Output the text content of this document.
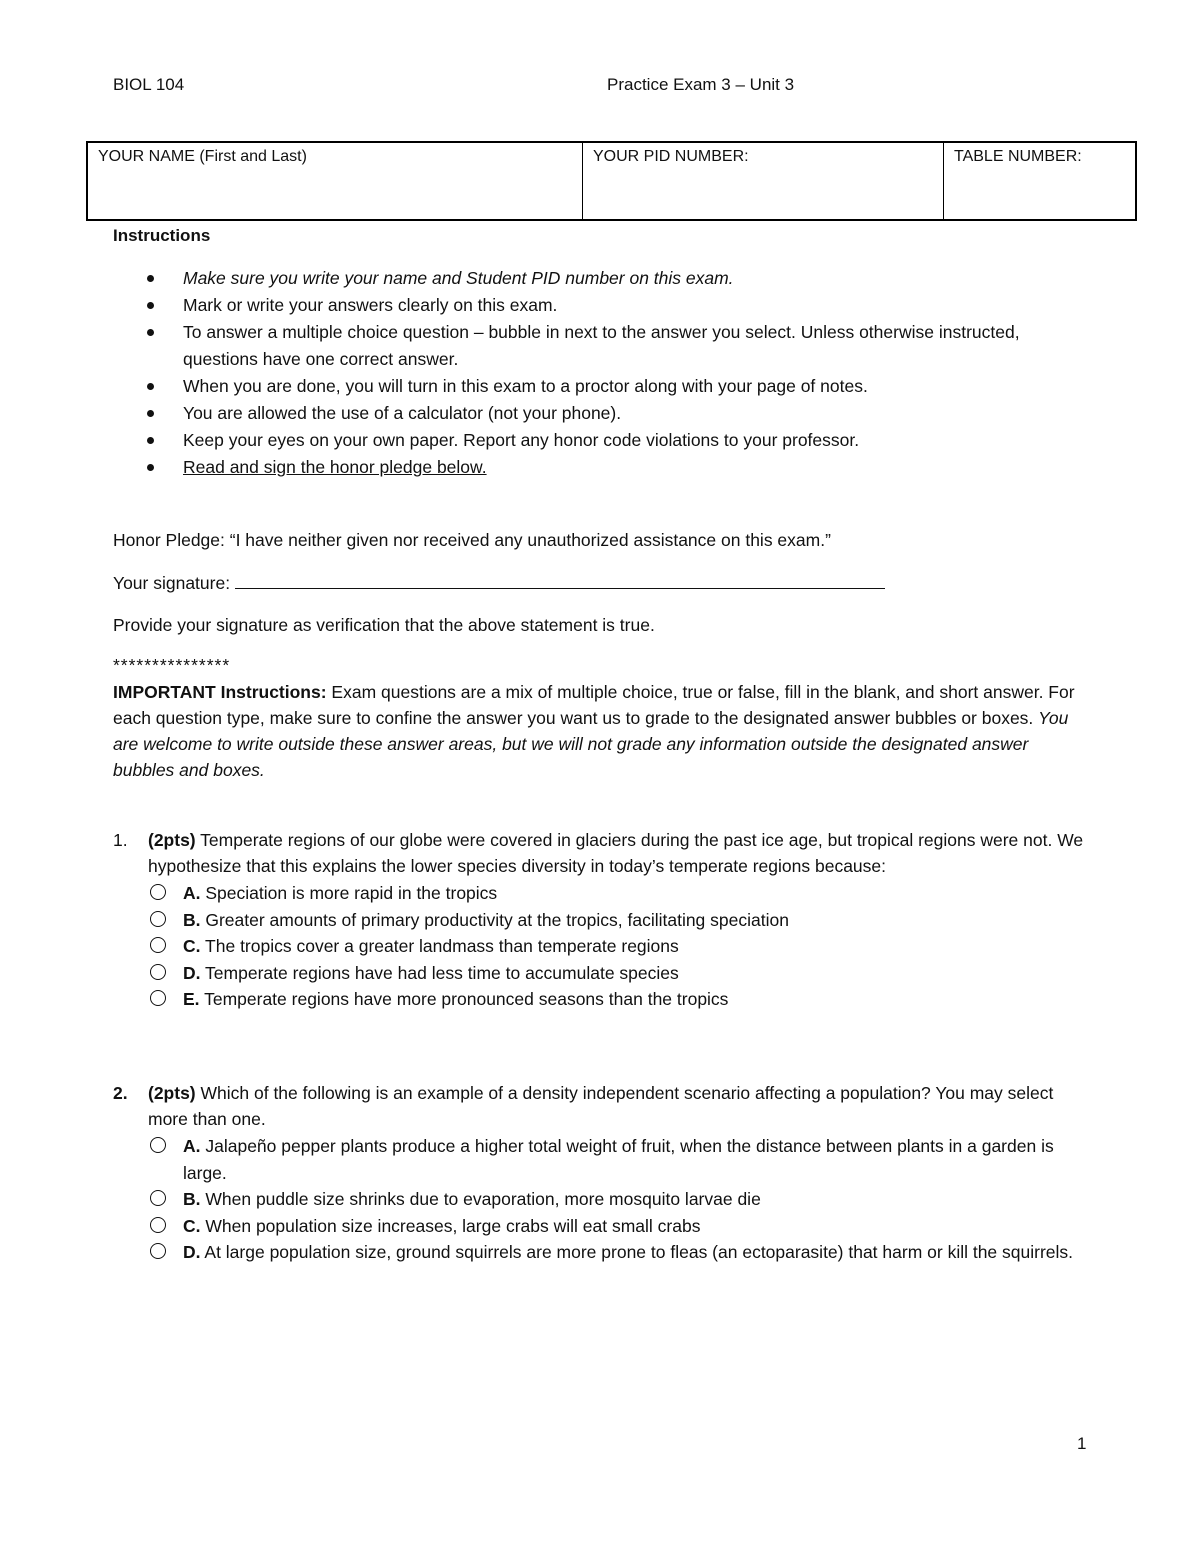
BIOL 104	Practice Exam 3 – Unit 3
YOUR NAME (First and Last)	YOUR PID NUMBER:	TABLE NUMBER:
Instructions
Make sure you write your name and Student PID number on this exam.
Mark or write your answers clearly on this exam.
To answer a multiple choice question – bubble in next to the answer you select. Unless otherwise instructed, questions have one correct answer.
When you are done, you will turn in this exam to a proctor along with your page of notes.
You are allowed the use of a calculator (not your phone).
Keep your eyes on your own paper. Report any honor code violations to your professor.
Read and sign the honor pledge below.
Honor Pledge: “I have neither given nor received any unauthorized assistance on this exam.”
Your signature:
Provide your signature as verification that the above statement is true.
***************
IMPORTANT Instructions: Exam questions are a mix of multiple choice, true or false, fill in the blank, and short answer. For each question type, make sure to confine the answer you want us to grade to the designated answer bubbles or boxes. You are welcome to write outside these answer areas, but we will not grade any information outside the designated answer bubbles and boxes.
1. (2pts) Temperate regions of our globe were covered in glaciers during the past ice age, but tropical regions were not. We hypothesize that this explains the lower species diversity in today’s temperate regions because:
A. Speciation is more rapid in the tropics
B. Greater amounts of primary productivity at the tropics, facilitating speciation
C. The tropics cover a greater landmass than temperate regions
D. Temperate regions have had less time to accumulate species
E. Temperate regions have more pronounced seasons than the tropics
2. (2pts) Which of the following is an example of a density independent scenario affecting a population? You may select more than one.
A. Jalapeño pepper plants produce a higher total weight of fruit, when the distance between plants in a garden is large.
B. When puddle size shrinks due to evaporation, more mosquito larvae die
C. When population size increases, large crabs will eat small crabs
D. At large population size, ground squirrels are more prone to fleas (an ectoparasite) that harm or kill the squirrels.
1
